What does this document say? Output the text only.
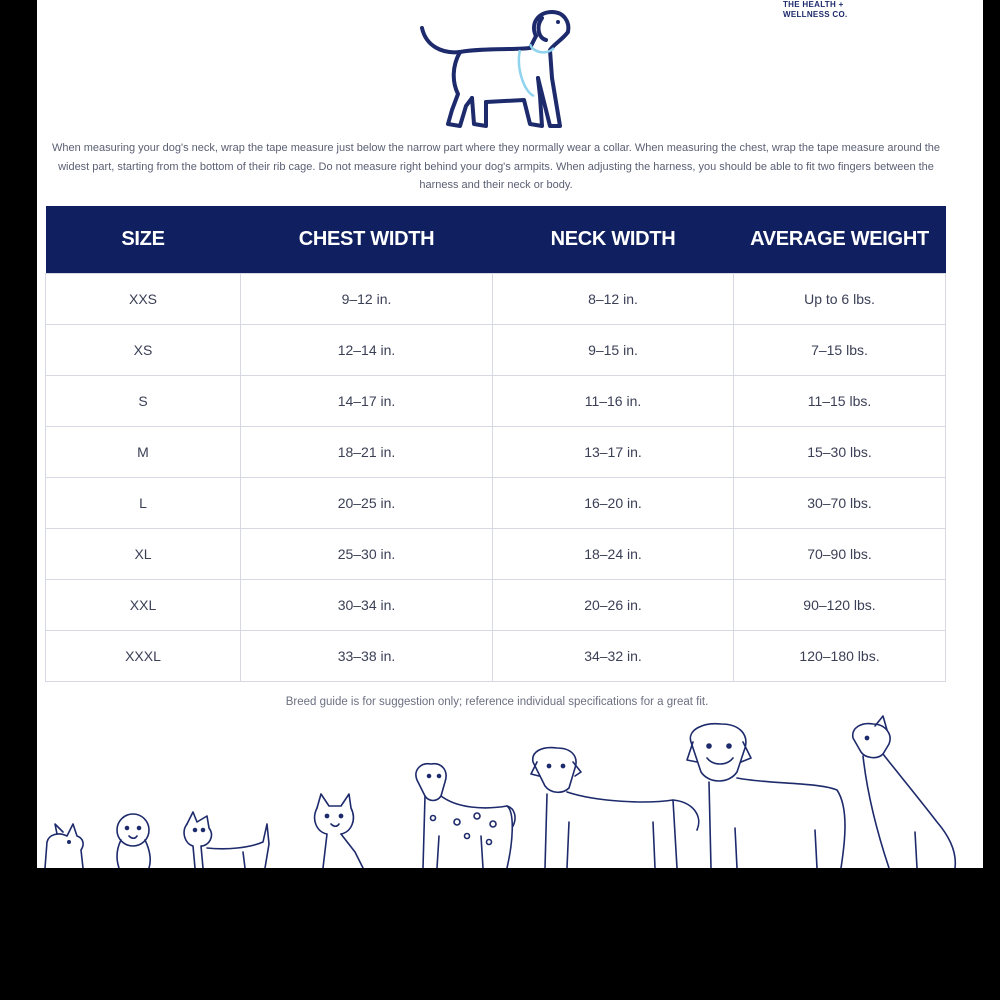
THE HEALTH +
WELLNESS CO.

When measuring your dog's neck, wrap the tape measure just below the narrow part where they normally wear a collar. When measuring the chest, wrap the tape measure around the widest part, starting from the bottom of their rib cage. Do not measure right behind your dog's armpits. When adjusting the harness, you should be able to fit two fingers between the harness and their neck or body.

SIZE	CHEST WIDTH	NECK WIDTH	AVERAGE WEIGHT
XXS	9–12 in.	8–12 in.	Up to 6 lbs.
XS	12–14 in.	9–15 in.	7–15 lbs.
S	14–17 in.	11–16 in.	11–15 lbs.
M	18–21 in.	13–17 in.	15–30 lbs.
L	20–25 in.	16–20 in.	30–70 lbs.
XL	25–30 in.	18–24 in.	70–90 lbs.
XXL	30–34 in.	20–26 in.	90–120 lbs.
XXXL	33–38 in.	34–32 in.	120–180 lbs.

Breed guide is for suggestion only; reference individual specifications for a great fit.
